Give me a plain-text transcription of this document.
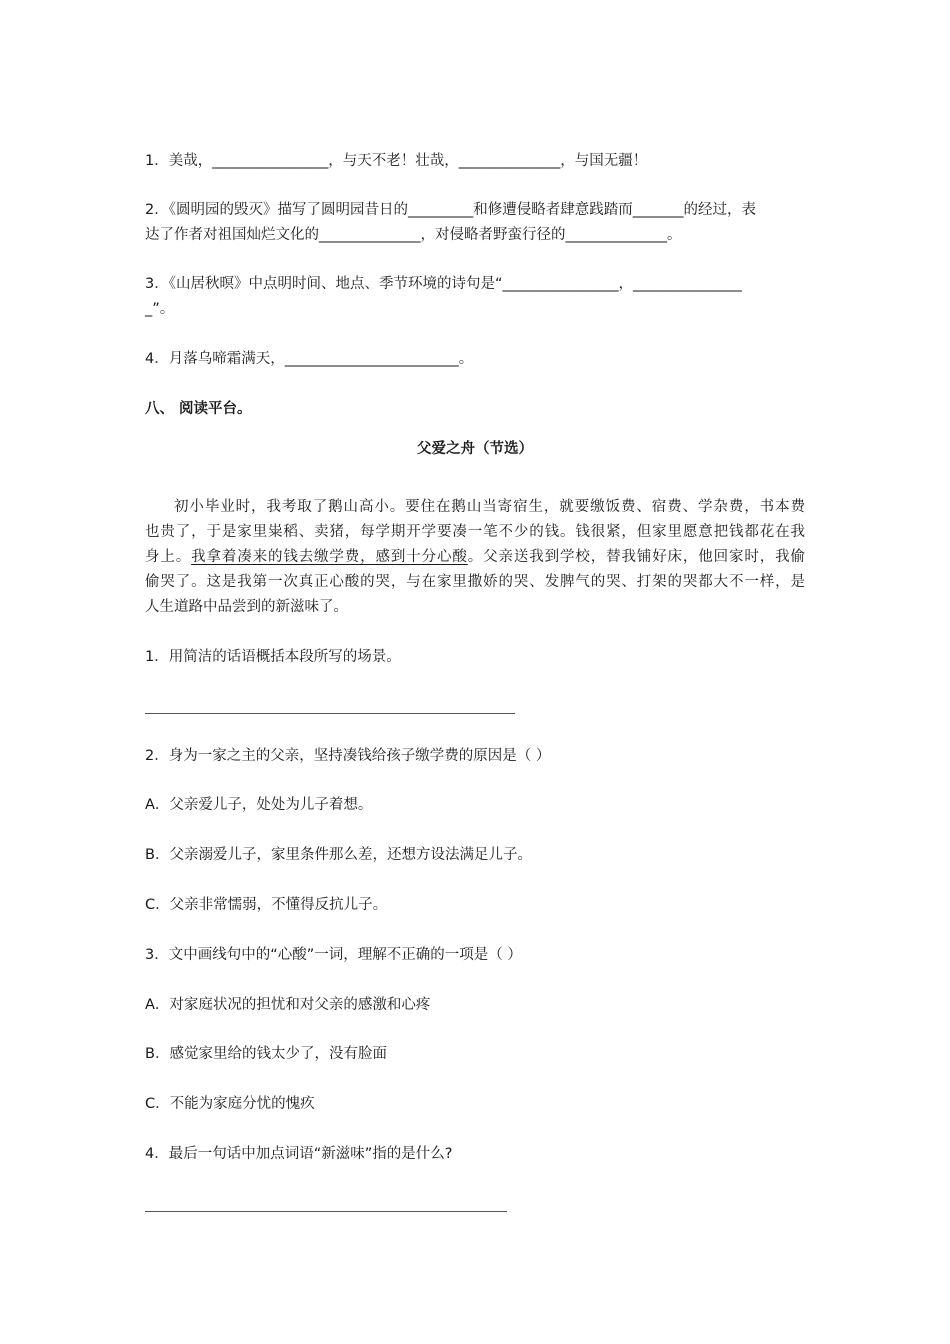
1．美哉，________________，与天不老！壮哉，______________，与国无疆！
2．《圆明园的毁灭》描写了圆明园昔日的_________和修遭侵略者肆意践踏而_______的经过，表
达了作者对祖国灿烂文化的______________，对侵略者野蛮行径的______________。
3．《山居秋暝》中点明时间、地点、季节环境的诗句是“________________，_______________
_”。
4．月落乌啼霜满天，________________________。
八、 阅读平台。
父爱之舟（节选）
初小毕业时，我考取了鹅山高小。要住在鹅山当寄宿生，就要缴饭费、宿费、学杂费，书本费
也贵了，于是家里粜稻、卖猪，每学期开学要凑一笔不少的钱。钱很紧，但家里愿意把钱都花在我
身上。我拿着凑来的钱去缴学费，感到十分心酸。父亲送我到学校，替我铺好床，他回家时，我偷
偷哭了。这是我第一次真正心酸的哭，与在家里撒娇的哭、发脾气的哭、打架的哭都大不一样，是
人生道路中品尝到的新滋味了。
1．用简洁的话语概括本段所写的场景。
2．身为一家之主的父亲，坚持凑钱给孩子缴学费的原因是（ ）
A．父亲爱儿子，处处为儿子着想。
B．父亲溺爱儿子，家里条件那么差，还想方设法满足儿子。
C．父亲非常懦弱，不懂得反抗儿子。
3．文中画线句中的“心酸”一词，理解不正确的一项是（ ）
A．对家庭状况的担忧和对父亲的感激和心疼
B．感觉家里给的钱太少了，没有脸面
C．不能为家庭分忧的愧疚
4．最后一句话中加点词语“新滋味”指的是什么?
